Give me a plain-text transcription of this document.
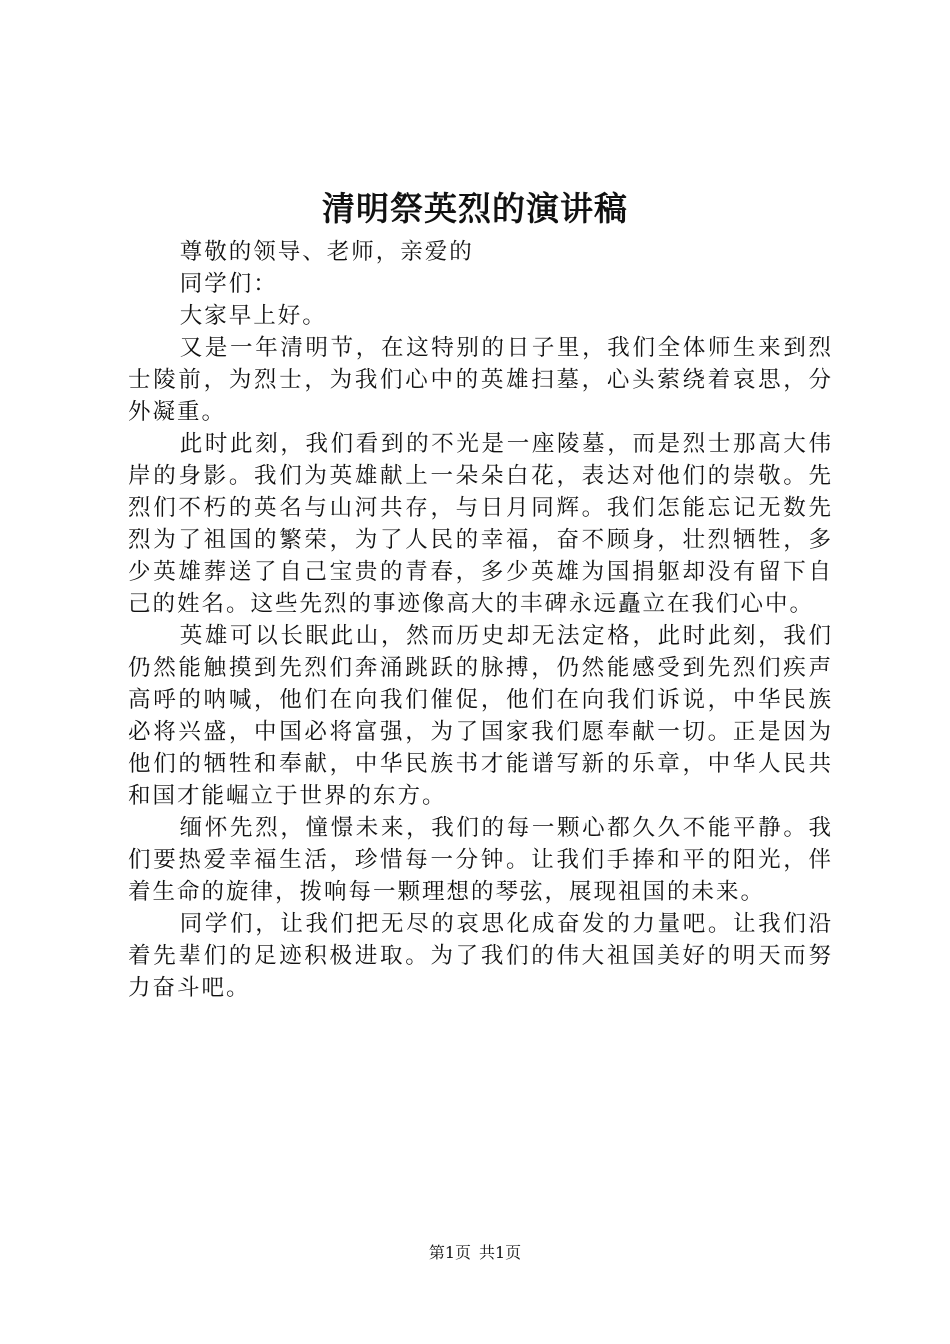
清明祭英烈的演讲稿

尊敬的领导、老师，亲爱的

同学们：

大家早上好。

又是一年清明节，在这特别的日子里，我们全体师生来到烈士陵前，为烈士，为我们心中的英雄扫墓，心头萦绕着哀思，分外凝重。

此时此刻，我们看到的不光是一座陵墓，而是烈士那高大伟岸的身影。我们为英雄献上一朵朵白花，表达对他们的崇敬。先烈们不朽的英名与山河共存，与日月同辉。我们怎能忘记无数先烈为了祖国的繁荣，为了人民的幸福，奋不顾身，壮烈牺牲，多少英雄葬送了自己宝贵的青春，多少英雄为国捐躯却没有留下自己的姓名。这些先烈的事迹像高大的丰碑永远矗立在我们心中。

英雄可以长眠此山，然而历史却无法定格，此时此刻，我们仍然能触摸到先烈们奔涌跳跃的脉搏，仍然能感受到先烈们疾声高呼的呐喊，他们在向我们催促，他们在向我们诉说，中华民族必将兴盛，中国必将富强，为了国家我们愿奉献一切。正是因为他们的牺牲和奉献，中华民族书才能谱写新的乐章，中华人民共和国才能崛立于世界的东方。

缅怀先烈，憧憬未来，我们的每一颗心都久久不能平静。我们要热爱幸福生活，珍惜每一分钟。让我们手捧和平的阳光，伴着生命的旋律，拨响每一颗理想的琴弦，展现祖国的未来。

同学们，让我们把无尽的哀思化成奋发的力量吧。让我们沿着先辈们的足迹积极进取。为了我们的伟大祖国美好的明天而努力奋斗吧。

第1页 共1页
